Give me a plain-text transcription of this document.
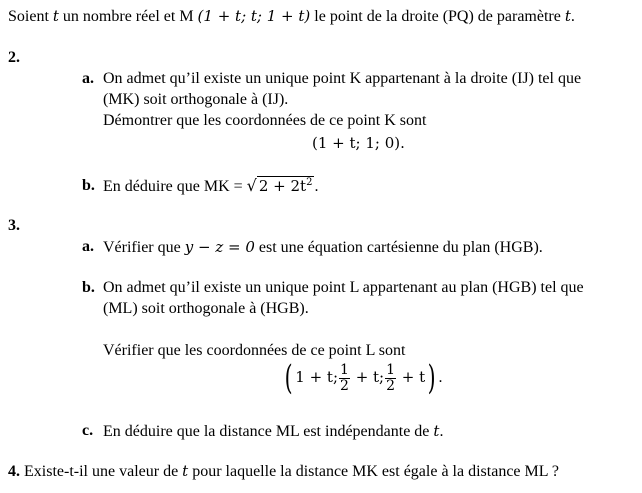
Soient t un nombre réel et M (1 + t; t; 1 + t) le point de la droite (PQ) de paramètre t.
2.
a. On admet qu’il existe un unique point K appartenant à la droite (IJ) tel que
(MK) soit orthogonale à (IJ).
Démontrer que les coordonnées de ce point K sont
(1 + t; 1; 0).
b. En déduire que MK = √ $2 + 2t^2$ .
3.
a. Vérifier que y − z = 0 est une équation cartésienne du plan (HGB).
b. On admet qu’il existe un unique point L appartenant au plan (HGB) tel que
(ML) soit orthogonale à (HGB).
Vérifier que les coordonnées de ce point L sont
( 1 + t; $\frac{1}{2} + t$; $\frac{1}{2} + t$) .
c. En déduire que la distance ML est indépendante de t.
4. Existe-t-il une valeur de t pour laquelle la distance MK est égale à la distance ML ?
